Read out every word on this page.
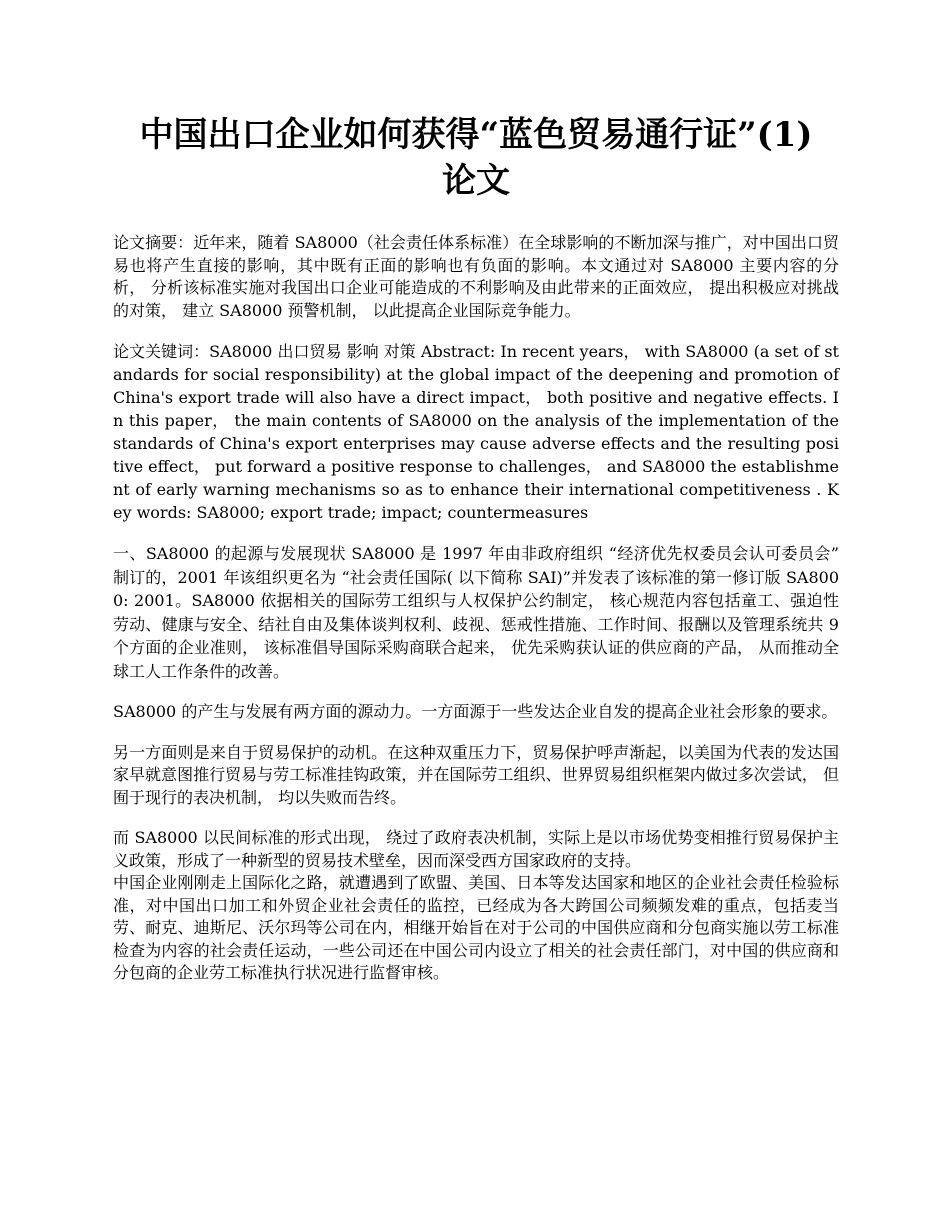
中国出口企业如何获得“蓝色贸易通行证”(1)
论文

论文摘要：近年来，随着 SA8000（社会责任体系标准）在全球影响的不断加深与推广，对中国出口贸易也将产生直接的影响，其中既有正面的影响也有负面的影响。本文通过对 SA8000 主要内容的分析， 分析该标准实施对我国出口企业可能造成的不利影响及由此带来的正面效应， 提出积极应对挑战的对策， 建立 SA8000 预警机制， 以此提高企业国际竞争能力。

论文关键词：SA8000 出口贸易 影响 对策 Abstract: In recent years， with SA8000 (a set of standards for social responsibility) at the global impact of the deepening and promotion of China's export trade will also have a direct impact， both positive and negative effects. In this paper， the main contents of SA8000 on the analysis of the implementation of the standards of China's export enterprises may cause adverse effects and the resulting positive effect， put forward a positive response to challenges， and SA8000 the establishment of early warning mechanisms so as to enhance their international competitiveness . Key words: SA8000; export trade; impact; countermeasures

一、SA8000 的起源与发展现状 SA8000 是 1997 年由非政府组织 “经济优先权委员会认可委员会” 制订的，2001 年该组织更名为 “社会责任国际( 以下简称 SAI)”并发表了该标准的第一修订版 SA8000: 2001。SA8000 依据相关的国际劳工组织与人权保护公约制定， 核心规范内容包括童工、强迫性劳动、健康与安全、结社自由及集体谈判权利、歧视、惩戒性措施、工作时间、报酬以及管理系统共 9 个方面的企业准则， 该标准倡导国际采购商联合起来， 优先采购获认证的供应商的产品， 从而推动全球工人工作条件的改善。

SA8000 的产生与发展有两方面的源动力。一方面源于一些发达企业自发的提高企业社会形象的要求。

另一方面则是来自于贸易保护的动机。在这种双重压力下，贸易保护呼声渐起，以美国为代表的发达国家早就意图推行贸易与劳工标准挂钩政策，并在国际劳工组织、世界贸易组织框架内做过多次尝试， 但囿于现行的表决机制， 均以失败而告终。

而 SA8000 以民间标准的形式出现， 绕过了政府表决机制，实际上是以市场优势变相推行贸易保护主义政策，形成了一种新型的贸易技术壁垒，因而深受西方国家政府的支持。

中国企业刚刚走上国际化之路，就遭遇到了欧盟、美国、日本等发达国家和地区的企业社会责任检验标准，对中国出口加工和外贸企业社会责任的监控，已经成为各大跨国公司频频发难的重点，包括麦当劳、耐克、迪斯尼、沃尔玛等公司在内，相继开始旨在对于公司的中国供应商和分包商实施以劳工标准检查为内容的社会责任运动，一些公司还在中国公司内设立了相关的社会责任部门，对中国的供应商和分包商的企业劳工标准执行状况进行监督审核。
